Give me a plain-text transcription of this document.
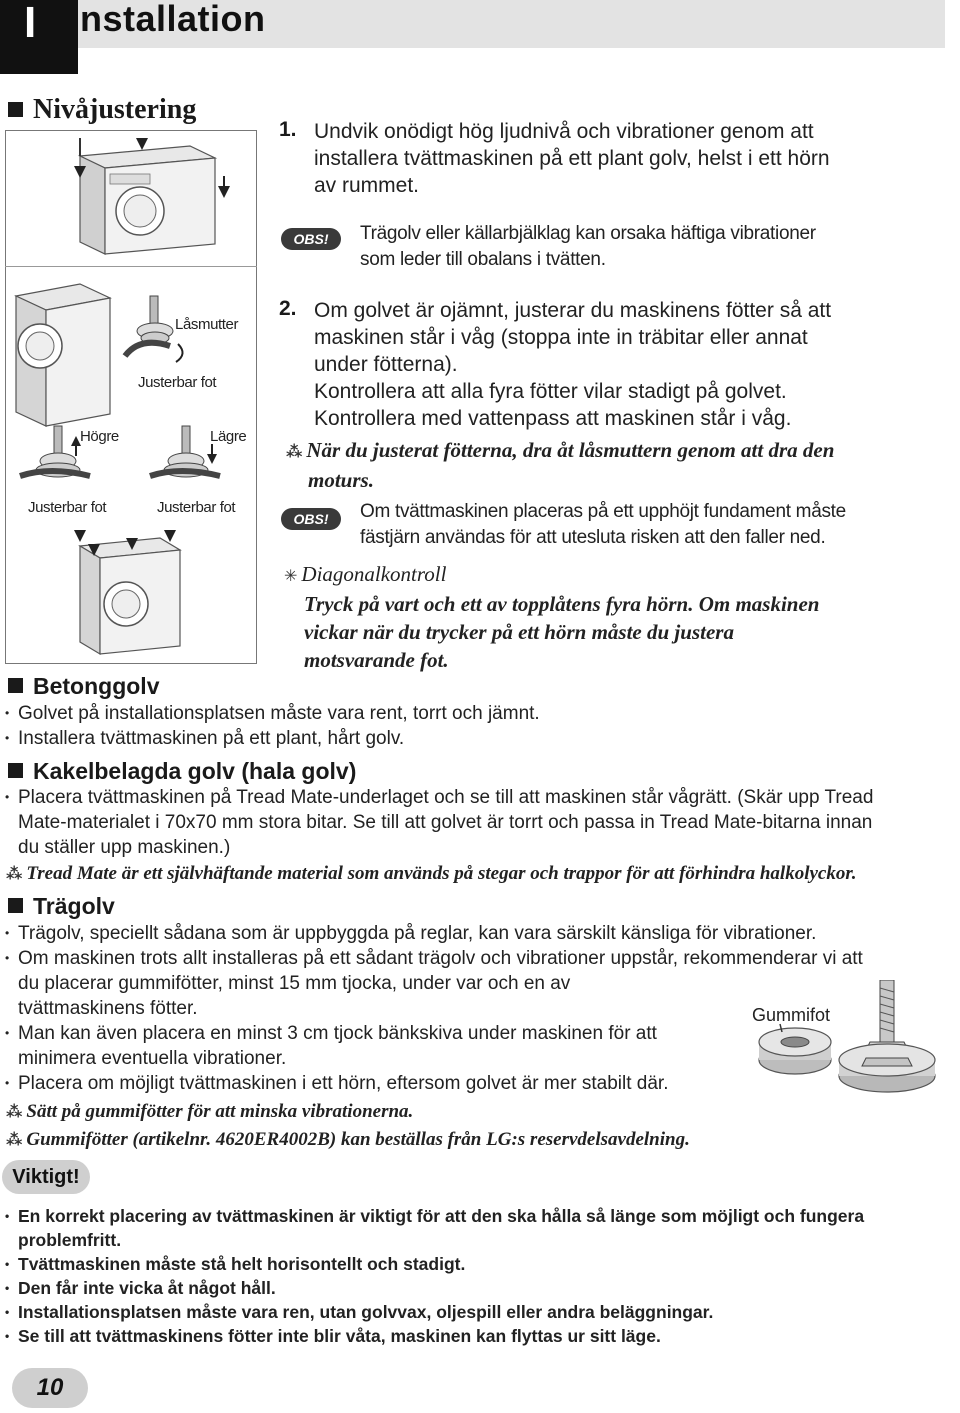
I	nstallation
Nivåjustering
Låsmutter
Justerbar fot
Högre	Lägre
Justerbar fot	Justerbar fot
1. Undvik onödigt hög ljudnivå och vibrationer genom att
installera tvättmaskinen på ett plant golv, helst i ett hörn
av rummet.
OBS!	Trägolv eller källarbjälklag kan orsaka häftiga vibrationer
som leder till obalans i tvätten.
2. Om golvet är ojämnt, justerar du maskinens fötter så att
maskinen står i våg (stoppa inte in träbitar eller annat
under fötterna).
Kontrollera att alla fyra fötter vilar stadigt på golvet.
Kontrollera med vattenpass att maskinen står i våg.
⁂ När du justerat fötterna, dra åt låsmuttern genom att dra den
moturs.
OBS!	Om tvättmaskinen placeras på ett upphöjt fundament måste
fästjärn användas för att utesluta risken att den faller ned.
✳ Diagonalkontroll
Tryck på vart och ett av topplåtens fyra hörn. Om maskinen
vickar när du trycker på ett hörn måste du justera
motsvarande fot.
Betonggolv
• Golvet på installationsplatsen måste vara rent, torrt och jämnt.
• Installera tvättmaskinen på ett plant, hårt golv.
Kakelbelagda golv (hala golv)
• Placera tvättmaskinen på Tread Mate-underlaget och se till att maskinen står vågrätt. (Skär upp Tread
Mate-materialet i 70x70 mm stora bitar. Se till att golvet är torrt och passa in Tread Mate-bitarna innan
du ställer upp maskinen.)
⁂ Tread Mate är ett självhäftande material som används på stegar och trappor för att förhindra halkolyckor.
Trägolv
• Trägolv, speciellt sådana som är uppbyggda på reglar, kan vara särskilt känsliga för vibrationer.
• Om maskinen trots allt installeras på ett sådant trägolv och vibrationer uppstår, rekommenderar vi att
du placerar gummifötter, minst 15 mm tjocka, under var och en av
tvättmaskinens fötter.
• Man kan även placera en minst 3 cm tjock bänkskiva under maskinen för att
minimera eventuella vibrationer.
• Placera om möjligt tvättmaskinen i ett hörn, eftersom golvet är mer stabilt där.
⁂ Sätt på gummifötter för att minska vibrationerna.
⁂ Gummifötter (artikelnr. 4620ER4002B) kan beställas från LG:s reservdelsavdelning.
Gummifot
Viktigt!
• En korrekt placering av tvättmaskinen är viktigt för att den ska hålla så länge som möjligt och fungera
problemfritt.
• Tvättmaskinen måste stå helt horisontellt och stadigt.
• Den får inte vicka åt något håll.
• Installationsplatsen måste vara ren, utan golvvax, oljespill eller andra beläggningar.
• Se till att tvättmaskinens fötter inte blir våta, maskinen kan flyttas ur sitt läge.
10
